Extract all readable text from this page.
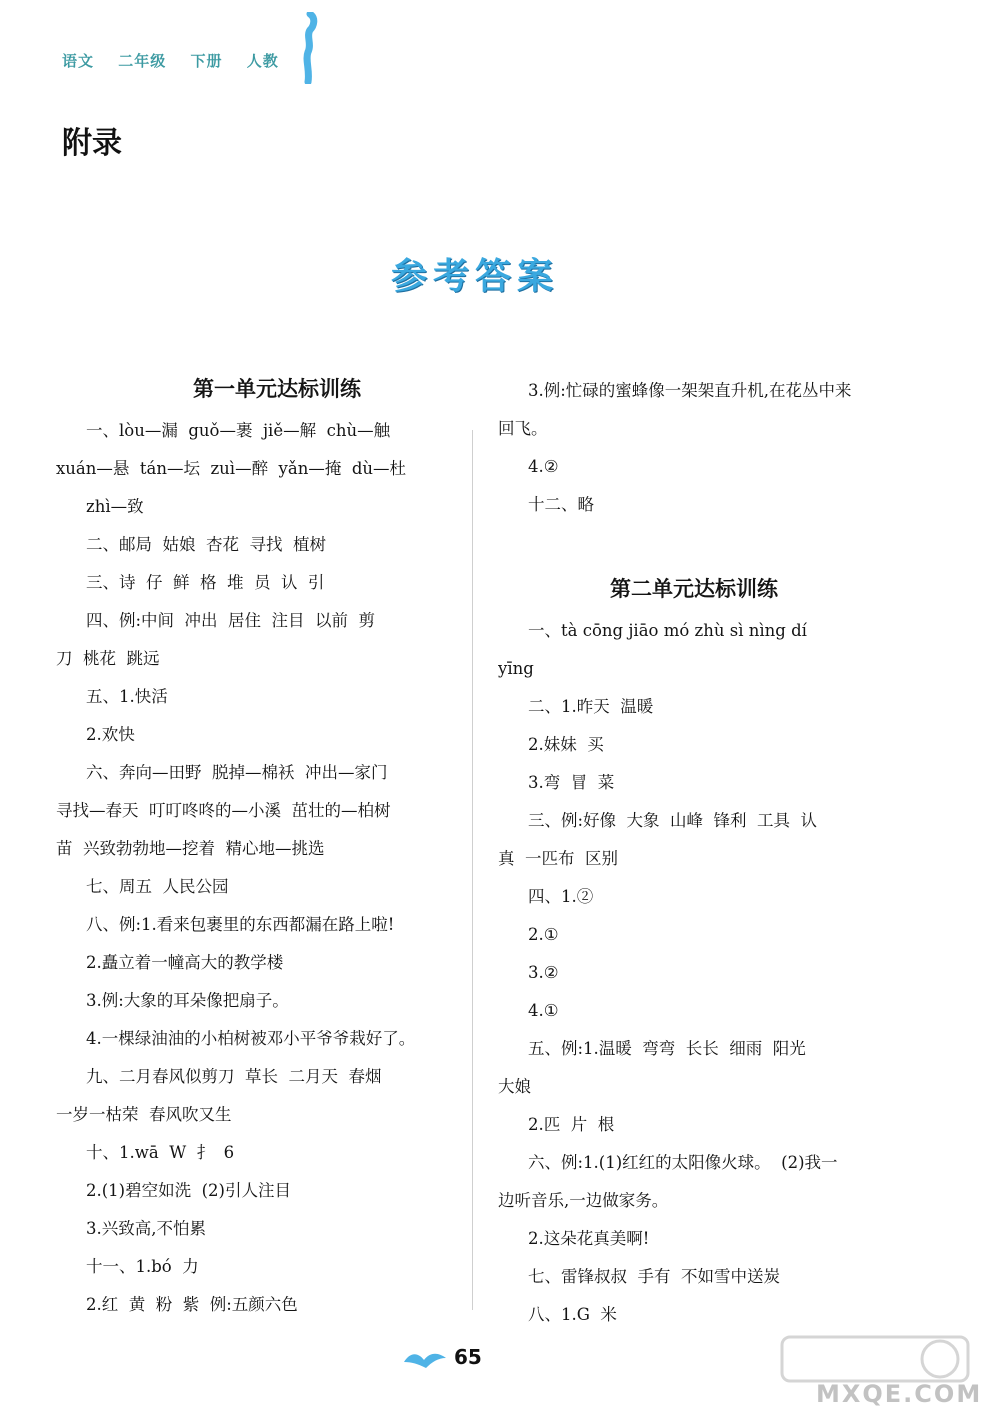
语文 二年级 下册 人教
附录
参考答案
第一单元达标训练
一、lòu—漏  guǒ—裹  jiě—解  chù—触
xuán—悬  tán—坛  zuì—醉  yǎn—掩  dù—杜
zhì—致
二、邮局  姑娘  杏花  寻找  植树
三、诗  仔  鲜  格  堆  员  认  引
四、例:中间  冲出  居住  注目  以前  剪
刀  桃花  跳远
五、1.快活
2.欢快
六、奔向—田野  脱掉—棉袄  冲出—家门
寻找—春天  叮叮咚咚的—小溪  茁壮的—柏树
苗  兴致勃勃地—挖着  精心地—挑选
七、周五  人民公园
八、例:1.看来包裹里的东西都漏在路上啦!
2.矗立着一幢高大的教学楼
3.例:大象的耳朵像把扇子。
4.一棵绿油油的小柏树被邓小平爷爷栽好了。
九、二月春风似剪刀  草长  二月天  春烟
一岁一枯荣  春风吹又生
十、1.wā  W  扌  6
2.(1)碧空如洗  (2)引人注目
3.兴致高,不怕累
十一、1.bó  力
2.红  黄  粉  紫  例:五颜六色
3.例:忙碌的蜜蜂像一架架直升机,在花丛中来
回飞。
4.②
十二、略
第二单元达标训练
一、tà cōng jiāo mó zhù sì nìng dí
yīng
二、1.昨天  温暖
2.妹妹  买
3.弯  冒  菜
三、例:好像  大象  山峰  锋利  工具  认
真  一匹布  区别
四、1.②
2.①
3.②
4.①
五、例:1.温暖  弯弯  长长  细雨  阳光
大娘
2.匹  片  根
六、例:1.(1)红红的太阳像火球。  (2)我一
边听音乐,一边做家务。
2.这朵花真美啊!
七、雷锋叔叔  手有  不如雪中送炭
八、1.G  米
65
MXQE.COM
